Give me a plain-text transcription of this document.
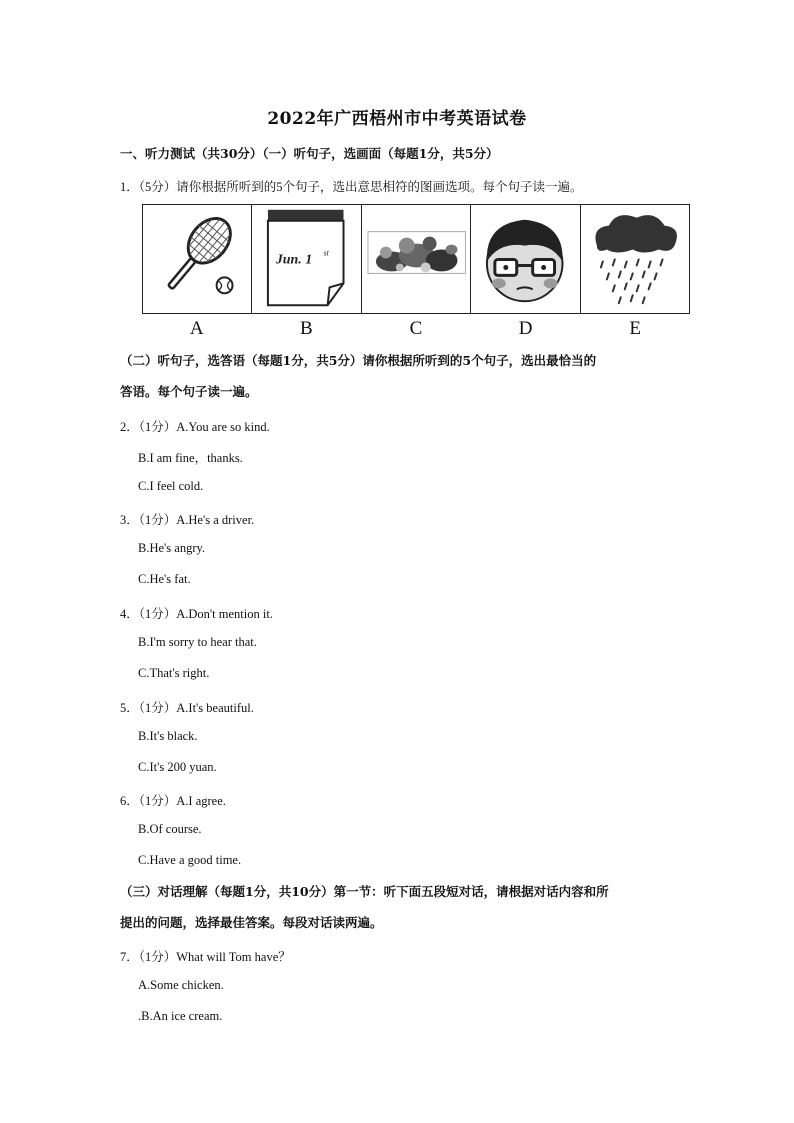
2022年广西梧州市中考英语试卷
一、听力测试（共30分）（一）听句子，选画面（每题1分，共5分）
1．（5分）请你根据所听到的5个句子，选出意思相符的图画选项。每个句子读一遍。
Jun. 1 st
A	B	C	D	E
（二）听句子，选答语（每题1分，共5分）请你根据所听到的5个句子，选出最恰当的
答语。每个句子读一遍。
2．（1分）A.You are so kind.
B.I am fine，thanks.
C.I feel cold.
3．（1分）A.He's a driver.
B.He's angry.
C.He's fat.
4．（1分）A.Don't mention it.
B.I'm sorry to hear that.
C.That's right.
5．（1分）A.It's beautiful.
B.It's black.
C.It's 200 yuan.
6．（1分）A.I agree.
B.Of course.
C.Have a good time.
（三）对话理解（每题1分，共10分）第一节：听下面五段短对话，请根据对话内容和所
提出的问题，选择最佳答案。每段对话读两遍。
7．（1分）What will Tom have？
A.Some chicken.
.B.An ice cream.
